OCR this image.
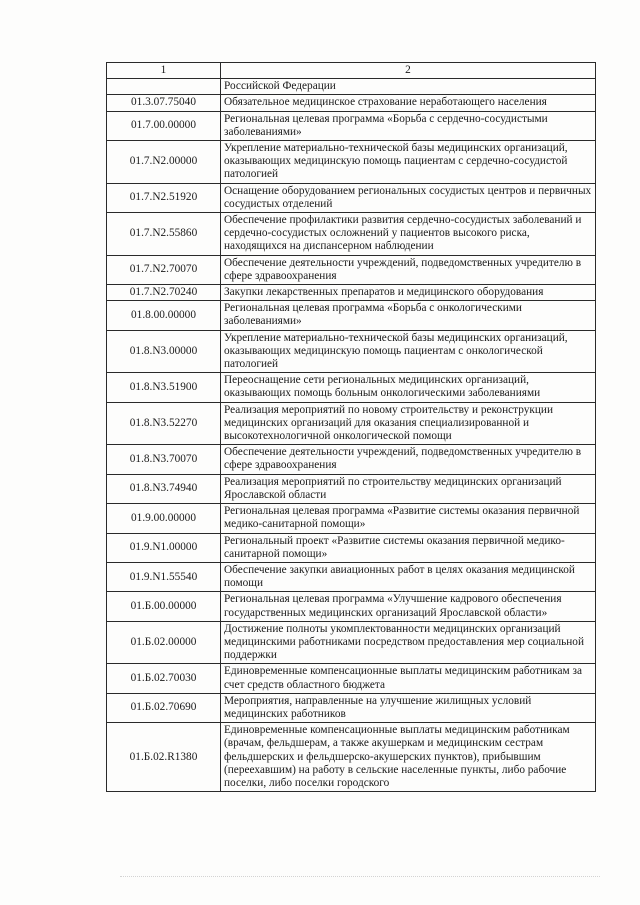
1	2
	Российской Федерации
01.3.07.75040	Обязательное медицинское страхование неработающего населения
01.7.00.00000	Региональная целевая программа «Борьба с сердечно-сосудистыми заболеваниями»
01.7.N2.00000	Укрепление материально-технической базы медицинских организаций, оказывающих медицинскую помощь пациентам с сердечно-сосудистой патологией
01.7.N2.51920	Оснащение оборудованием региональных сосудистых центров и первичных сосудистых отделений
01.7.N2.55860	Обеспечение профилактики развития сердечно-сосудистых заболеваний и сердечно-сосудистых осложнений у пациентов высокого риска, находящихся на диспансерном наблюдении
01.7.N2.70070	Обеспечение деятельности учреждений, подведомственных учредителю в сфере здравоохранения
01.7.N2.70240	Закупки лекарственных препаратов и медицинского оборудования
01.8.00.00000	Региональная целевая программа «Борьба с онкологическими заболеваниями»
01.8.N3.00000	Укрепление материально-технической базы медицинских организаций, оказывающих медицинскую помощь пациентам с онкологической патологией
01.8.N3.51900	Переоснащение сети региональных медицинских организаций, оказывающих помощь больным онкологическими заболеваниями
01.8.N3.52270	Реализация мероприятий по новому строительству и реконструкции медицинских организаций для оказания специализированной и высокотехнологичной онкологической помощи
01.8.N3.70070	Обеспечение деятельности учреждений, подведомственных учредителю в сфере здравоохранения
01.8.N3.74940	Реализация мероприятий по строительству медицинских организаций Ярославской области
01.9.00.00000	Региональная целевая программа «Развитие системы оказания первичной медико-санитарной помощи»
01.9.N1.00000	Региональный проект «Развитие системы оказания первичной медико-санитарной помощи»
01.9.N1.55540	Обеспечение закупки авиационных работ в целях оказания медицинской помощи
01.Б.00.00000	Региональная целевая программа «Улучшение кадрового обеспечения государственных медицинских организаций Ярославской области»
01.Б.02.00000	Достижение полноты укомплектованности медицинских организаций медицинскими работниками посредством предоставления мер социальной поддержки
01.Б.02.70030	Единовременные компенсационные выплаты медицинским работникам за счет средств областного бюджета
01.Б.02.70690	Мероприятия, направленные на улучшение жилищных условий медицинских работников
01.Б.02.R1380	Единовременные компенсационные выплаты медицинским работникам (врачам, фельдшерам, а также акушеркам и медицинским сестрам фельдшерских и фельдшерско-акушерских пунктов), прибывшим (переехавшим) на работу в сельские населенные пункты, либо рабочие поселки, либо поселки городского
